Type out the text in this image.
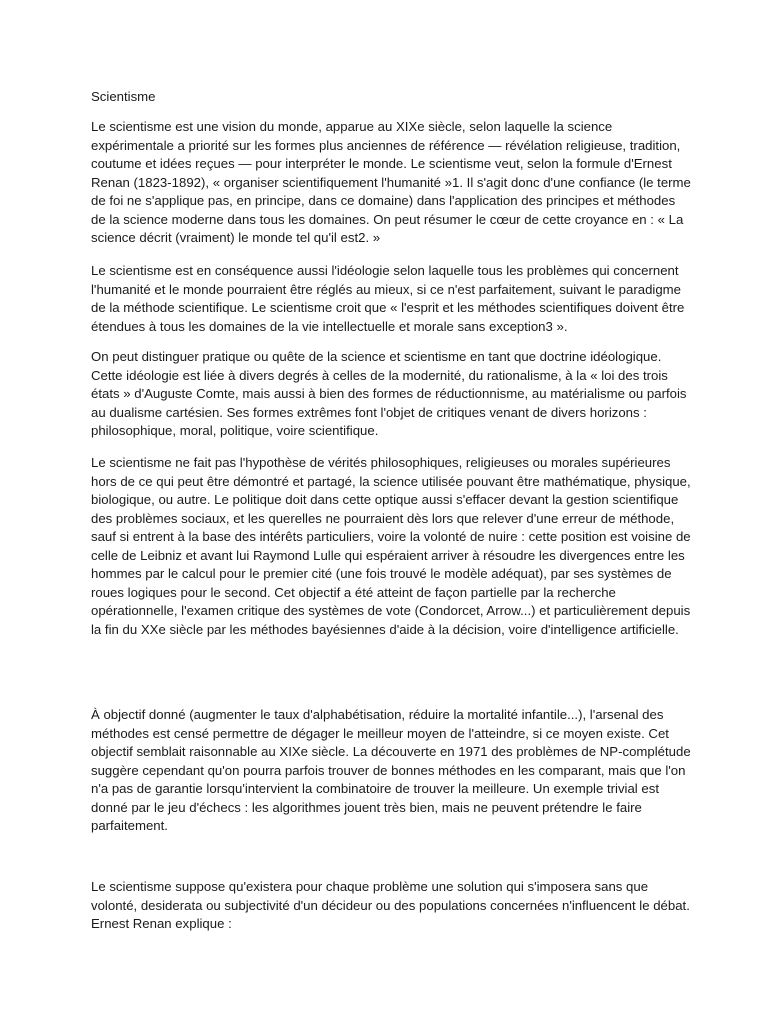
Scientisme

Le scientisme est une vision du monde, apparue au XIXe siècle, selon laquelle la science expérimentale a priorité sur les formes plus anciennes de référence — révélation religieuse, tradition, coutume et idées reçues — pour interpréter le monde. Le scientisme veut, selon la formule d'Ernest Renan (1823-1892), « organiser scientifiquement l'humanité »1. Il s'agit donc d'une confiance (le terme de foi ne s'applique pas, en principe, dans ce domaine) dans l'application des principes et méthodes de la science moderne dans tous les domaines. On peut résumer le cœur de cette croyance en : « La science décrit (vraiment) le monde tel qu'il est2. »

Le scientisme est en conséquence aussi l'idéologie selon laquelle tous les problèmes qui concernent l'humanité et le monde pourraient être réglés au mieux, si ce n'est parfaitement, suivant le paradigme de la méthode scientifique. Le scientisme croit que « l'esprit et les méthodes scientifiques doivent être étendues à tous les domaines de la vie intellectuelle et morale sans exception3 ».

On peut distinguer pratique ou quête de la science et scientisme en tant que doctrine idéologique. Cette idéologie est liée à divers degrés à celles de la modernité, du rationalisme, à la « loi des trois états » d'Auguste Comte, mais aussi à bien des formes de réductionnisme, au matérialisme ou parfois au dualisme cartésien. Ses formes extrêmes font l'objet de critiques venant de divers horizons : philosophique, moral, politique, voire scientifique.

Le scientisme ne fait pas l'hypothèse de vérités philosophiques, religieuses ou morales supérieures hors de ce qui peut être démontré et partagé, la science utilisée pouvant être mathématique, physique, biologique, ou autre. Le politique doit dans cette optique aussi s'effacer devant la gestion scientifique des problèmes sociaux, et les querelles ne pourraient dès lors que relever d'une erreur de méthode, sauf si entrent à la base des intérêts particuliers, voire la volonté de nuire : cette position est voisine de celle de Leibniz et avant lui Raymond Lulle qui espéraient arriver à résoudre les divergences entre les hommes par le calcul pour le premier cité (une fois trouvé le modèle adéquat), par ses systèmes de roues logiques pour le second. Cet objectif a été atteint de façon partielle par la recherche opérationnelle, l'examen critique des systèmes de vote (Condorcet, Arrow...) et particulièrement depuis la fin du XXe siècle par les méthodes bayésiennes d'aide à la décision, voire d'intelligence artificielle.

À objectif donné (augmenter le taux d'alphabétisation, réduire la mortalité infantile...), l'arsenal des méthodes est censé permettre de dégager le meilleur moyen de l'atteindre, si ce moyen existe. Cet objectif semblait raisonnable au XIXe siècle. La découverte en 1971 des problèmes de NP-complétude suggère cependant qu'on pourra parfois trouver de bonnes méthodes en les comparant, mais que l'on n'a pas de garantie lorsqu'intervient la combinatoire de trouver la meilleure. Un exemple trivial est donné par le jeu d'échecs : les algorithmes jouent très bien, mais ne peuvent prétendre le faire parfaitement.

Le scientisme suppose qu'existera pour chaque problème une solution qui s'imposera sans que volonté, desiderata ou subjectivité d'un décideur ou des populations concernées n'influencent le débat. Ernest Renan explique :
